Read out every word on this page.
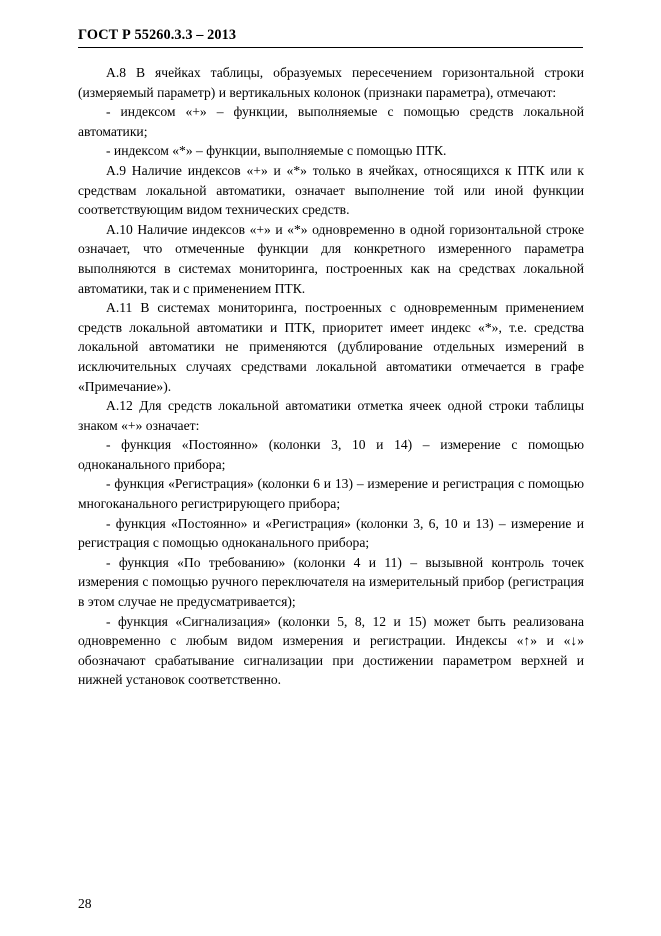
ГОСТ Р 55260.3.3 – 2013

А.8 В ячейках таблицы, образуемых пересечением горизонтальной строки (измеряемый параметр) и вертикальных колонок (признаки параметра), отмечают:

- индексом «+» – функции, выполняемые с помощью средств локальной автоматики;

- индексом «*» – функции, выполняемые с помощью ПТК.

А.9 Наличие индексов «+» и «*» только в ячейках, относящихся к ПТК или к средствам локальной автоматики, означает выполнение той или иной функции соответствующим видом технических средств.

А.10 Наличие индексов «+» и «*» одновременно в одной горизонтальной строке означает, что отмеченные функции для конкретного измеренного параметра выполняются в системах мониторинга, построенных как на средствах локальной автоматики, так и с применением ПТК.

А.11 В системах мониторинга, построенных с одновременным применением средств локальной автоматики и ПТК, приоритет имеет индекс «*», т.е. средства локальной автоматики не применяются (дублирование отдельных измерений в исключительных случаях средствами локальной автоматики отмечается в графе «Примечание»).

А.12 Для средств локальной автоматики отметка ячеек одной строки таблицы знаком «+» означает:

- функция «Постоянно» (колонки 3, 10 и 14) – измерение с помощью одноканального прибора;

- функция «Регистрация» (колонки 6 и 13) – измерение и регистрация с помощью многоканального регистрирующего прибора;

- функция «Постоянно» и «Регистрация» (колонки 3, 6, 10 и 13) – измерение и регистрация с помощью одноканального прибора;

- функция «По требованию» (колонки 4 и 11) – вызывной контроль точек измерения с помощью ручного переключателя на измерительный прибор (регистрация в этом случае не предусматривается);

- функция «Сигнализация» (колонки 5, 8, 12 и 15) может быть реализована одновременно с любым видом измерения и регистрации. Индексы «↑» и «↓» обозначают срабатывание сигнализации при достижении параметром верхней и нижней установок соответственно.

28
